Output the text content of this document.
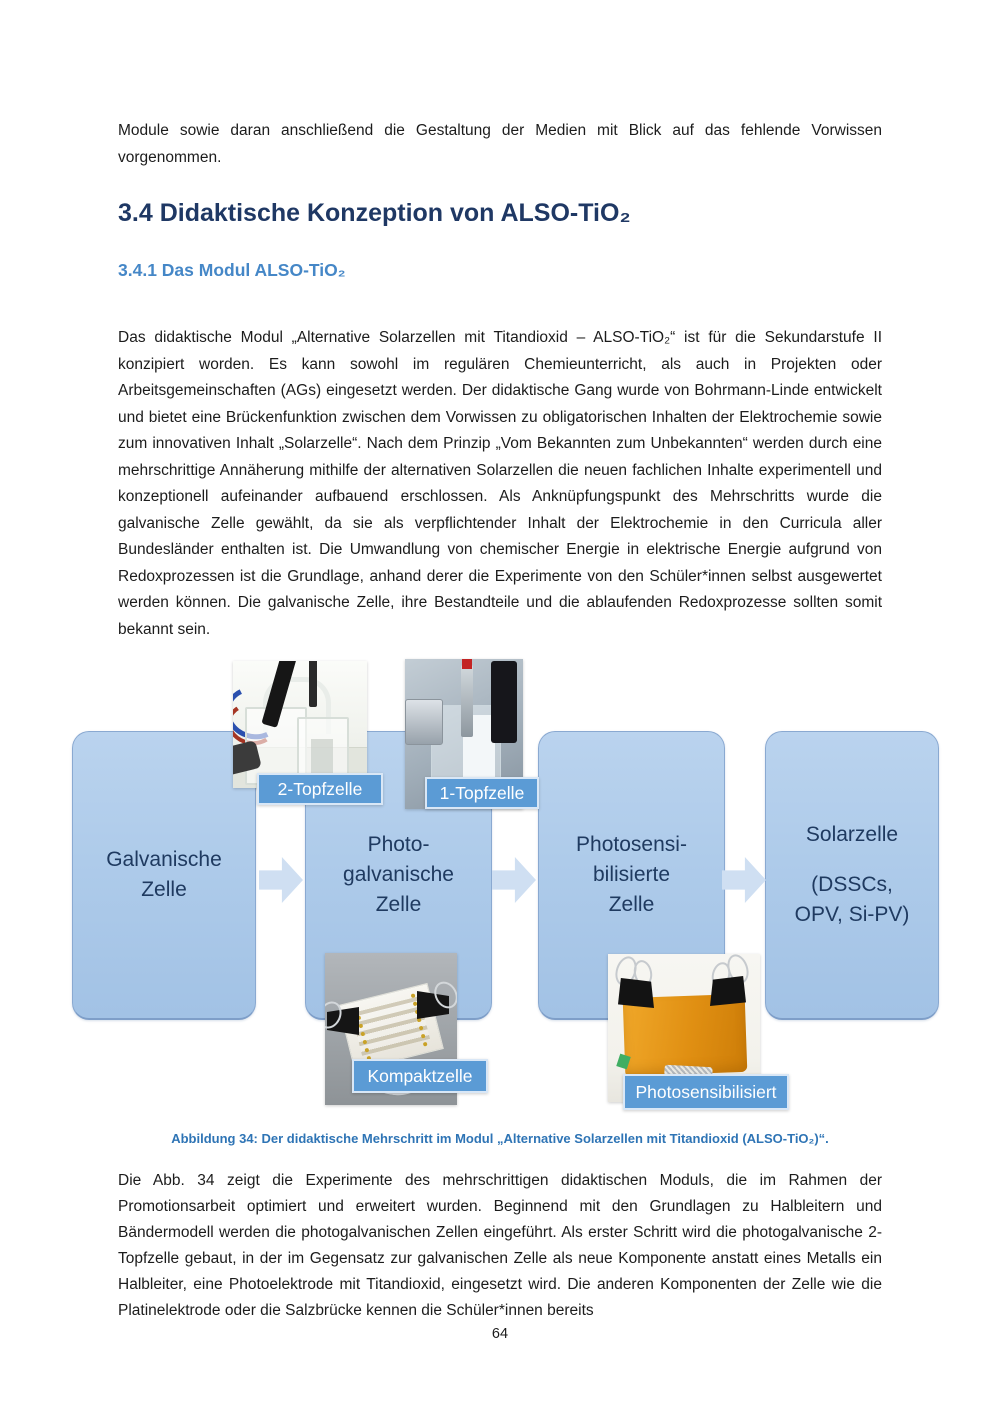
Module sowie daran anschließend die Gestaltung der Medien mit Blick auf das fehlende Vorwissen vorgenommen.

3.4 Didaktische Konzeption von ALSO-TiO₂
3.4.1 Das Modul ALSO-TiO₂

Das didaktische Modul „Alternative Solarzellen mit Titandioxid – ALSO-TiO₂“ ist für die Sekundarstufe II konzipiert worden. Es kann sowohl im regulären Chemieunterricht, als auch in Projekten oder Arbeitsgemeinschaften (AGs) eingesetzt werden. Der didaktische Gang wurde von Bohrmann-Linde entwickelt und bietet eine Brückenfunktion zwischen dem Vorwissen zu obligatorischen Inhalten der Elektrochemie sowie zum innovativen Inhalt „Solarzelle“. Nach dem Prinzip „Vom Bekannten zum Unbekannten“ werden durch eine mehrschrittige Annäherung mithilfe der alternativen Solarzellen die neuen fachlichen Inhalte experimentell und konzeptionell aufeinander aufbauend erschlossen. Als Anknüpfungspunkt des Mehrschritts wurde die galvanische Zelle gewählt, da sie als verpflichtender Inhalt der Elektrochemie in den Curricula aller Bundesländer enthalten ist. Die Umwandlung von chemischer Energie in elektrische Energie aufgrund von Redoxprozessen ist die Grundlage, anhand derer die Experimente von den Schüler*innen selbst ausgewertet werden können. Die galvanische Zelle, ihre Bestandteile und die ablaufenden Redoxprozesse sollten somit bekannt sein.

Galvanische
Zelle
Photo-
galvanische
Zelle
Photosensi-
bilisierte
Zelle
Solarzelle
(DSSCs,
OPV, Si-PV)
2-Topfzelle	1-Topfzelle
Kompaktzelle
Photosensibilisiert
Abbildung 34: Der didaktische Mehrschritt im Modul „Alternative Solarzellen mit Titandioxid (ALSO-TiO₂)“.

Die Abb. 34 zeigt die Experimente des mehrschrittigen didaktischen Moduls, die im Rahmen der Promotionsarbeit optimiert und erweitert wurden. Beginnend mit den Grundlagen zu Halbleitern und Bändermodell werden die photogalvanischen Zellen eingeführt. Als erster Schritt wird die photogalvanische 2-Topfzelle gebaut, in der im Gegensatz zur galvanischen Zelle als neue Komponente anstatt eines Metalls ein Halbleiter, eine Photoelektrode mit Titandioxid, eingesetzt wird. Die anderen Komponenten der Zelle wie die Platinelektrode oder die Salzbrücke kennen die Schüler*innen bereits

64
